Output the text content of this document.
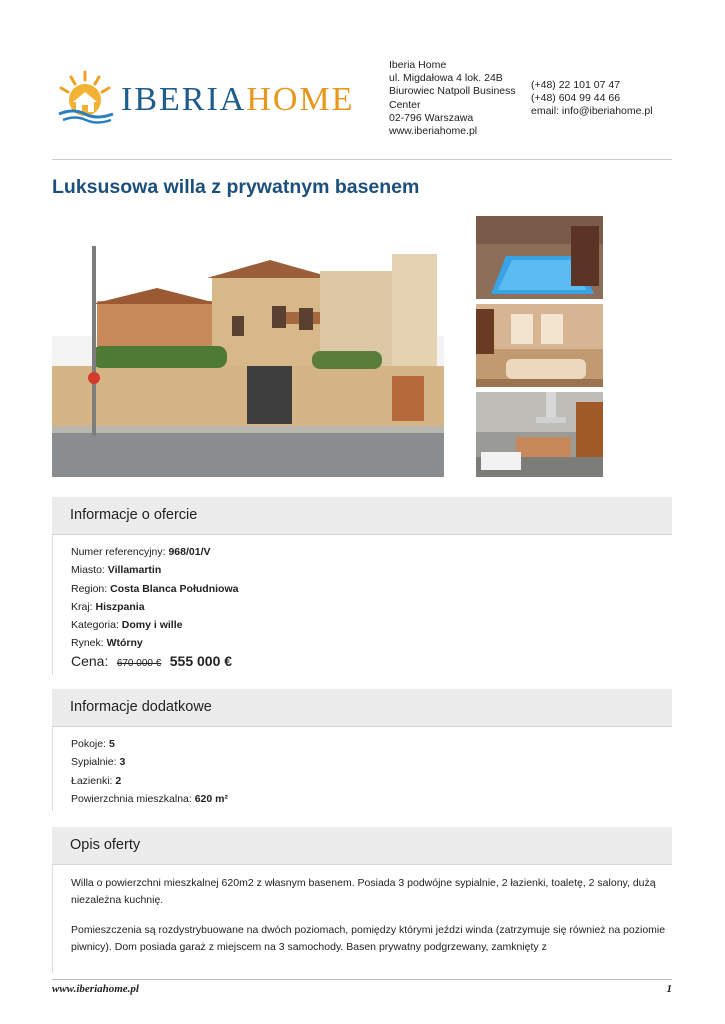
IBERIAHOME
Iberia Home
ul. Migdałowa 4 lok. 24B
Biurowiec Natpoll Business
Center
02-796 Warszawa
www.iberiahome.pl
(+48) 22 101 07 47
(+48) 604 99 44 66
email: info@iberiahome.pl
Luksusowa willa z prywatnym basenem
Informacje o ofercie
Numer referencyjny: 968/01/V
Miasto: Villamartin
Region: Costa Blanca Południowa
Kraj: Hiszpania
Kategoria: Domy i wille
Rynek: Wtórny
Cena: 670 000 € 555 000 €
Informacje dodatkowe
Pokoje: 5
Sypialnie: 3
Łazienki: 2
Powierzchnia mieszkalna: 620 m²
Opis oferty
Willa o powierzchni mieszkalnej 620m2 z własnym basenem. Posiada 3 podwójne sypialnie, 2 łazienki, toaletę, 2 salony, dużą niezależna kuchnię.
Pomieszczenia są rozdystrybuowane na dwóch poziomach, pomiędzy którymi jeździ winda (zatrzymuje się również na poziomie piwnicy). Dom posiada garaż z miejscem na 3 samochody. Basen prywatny podgrzewany, zamknięty z
www.iberiahome.pl	1
